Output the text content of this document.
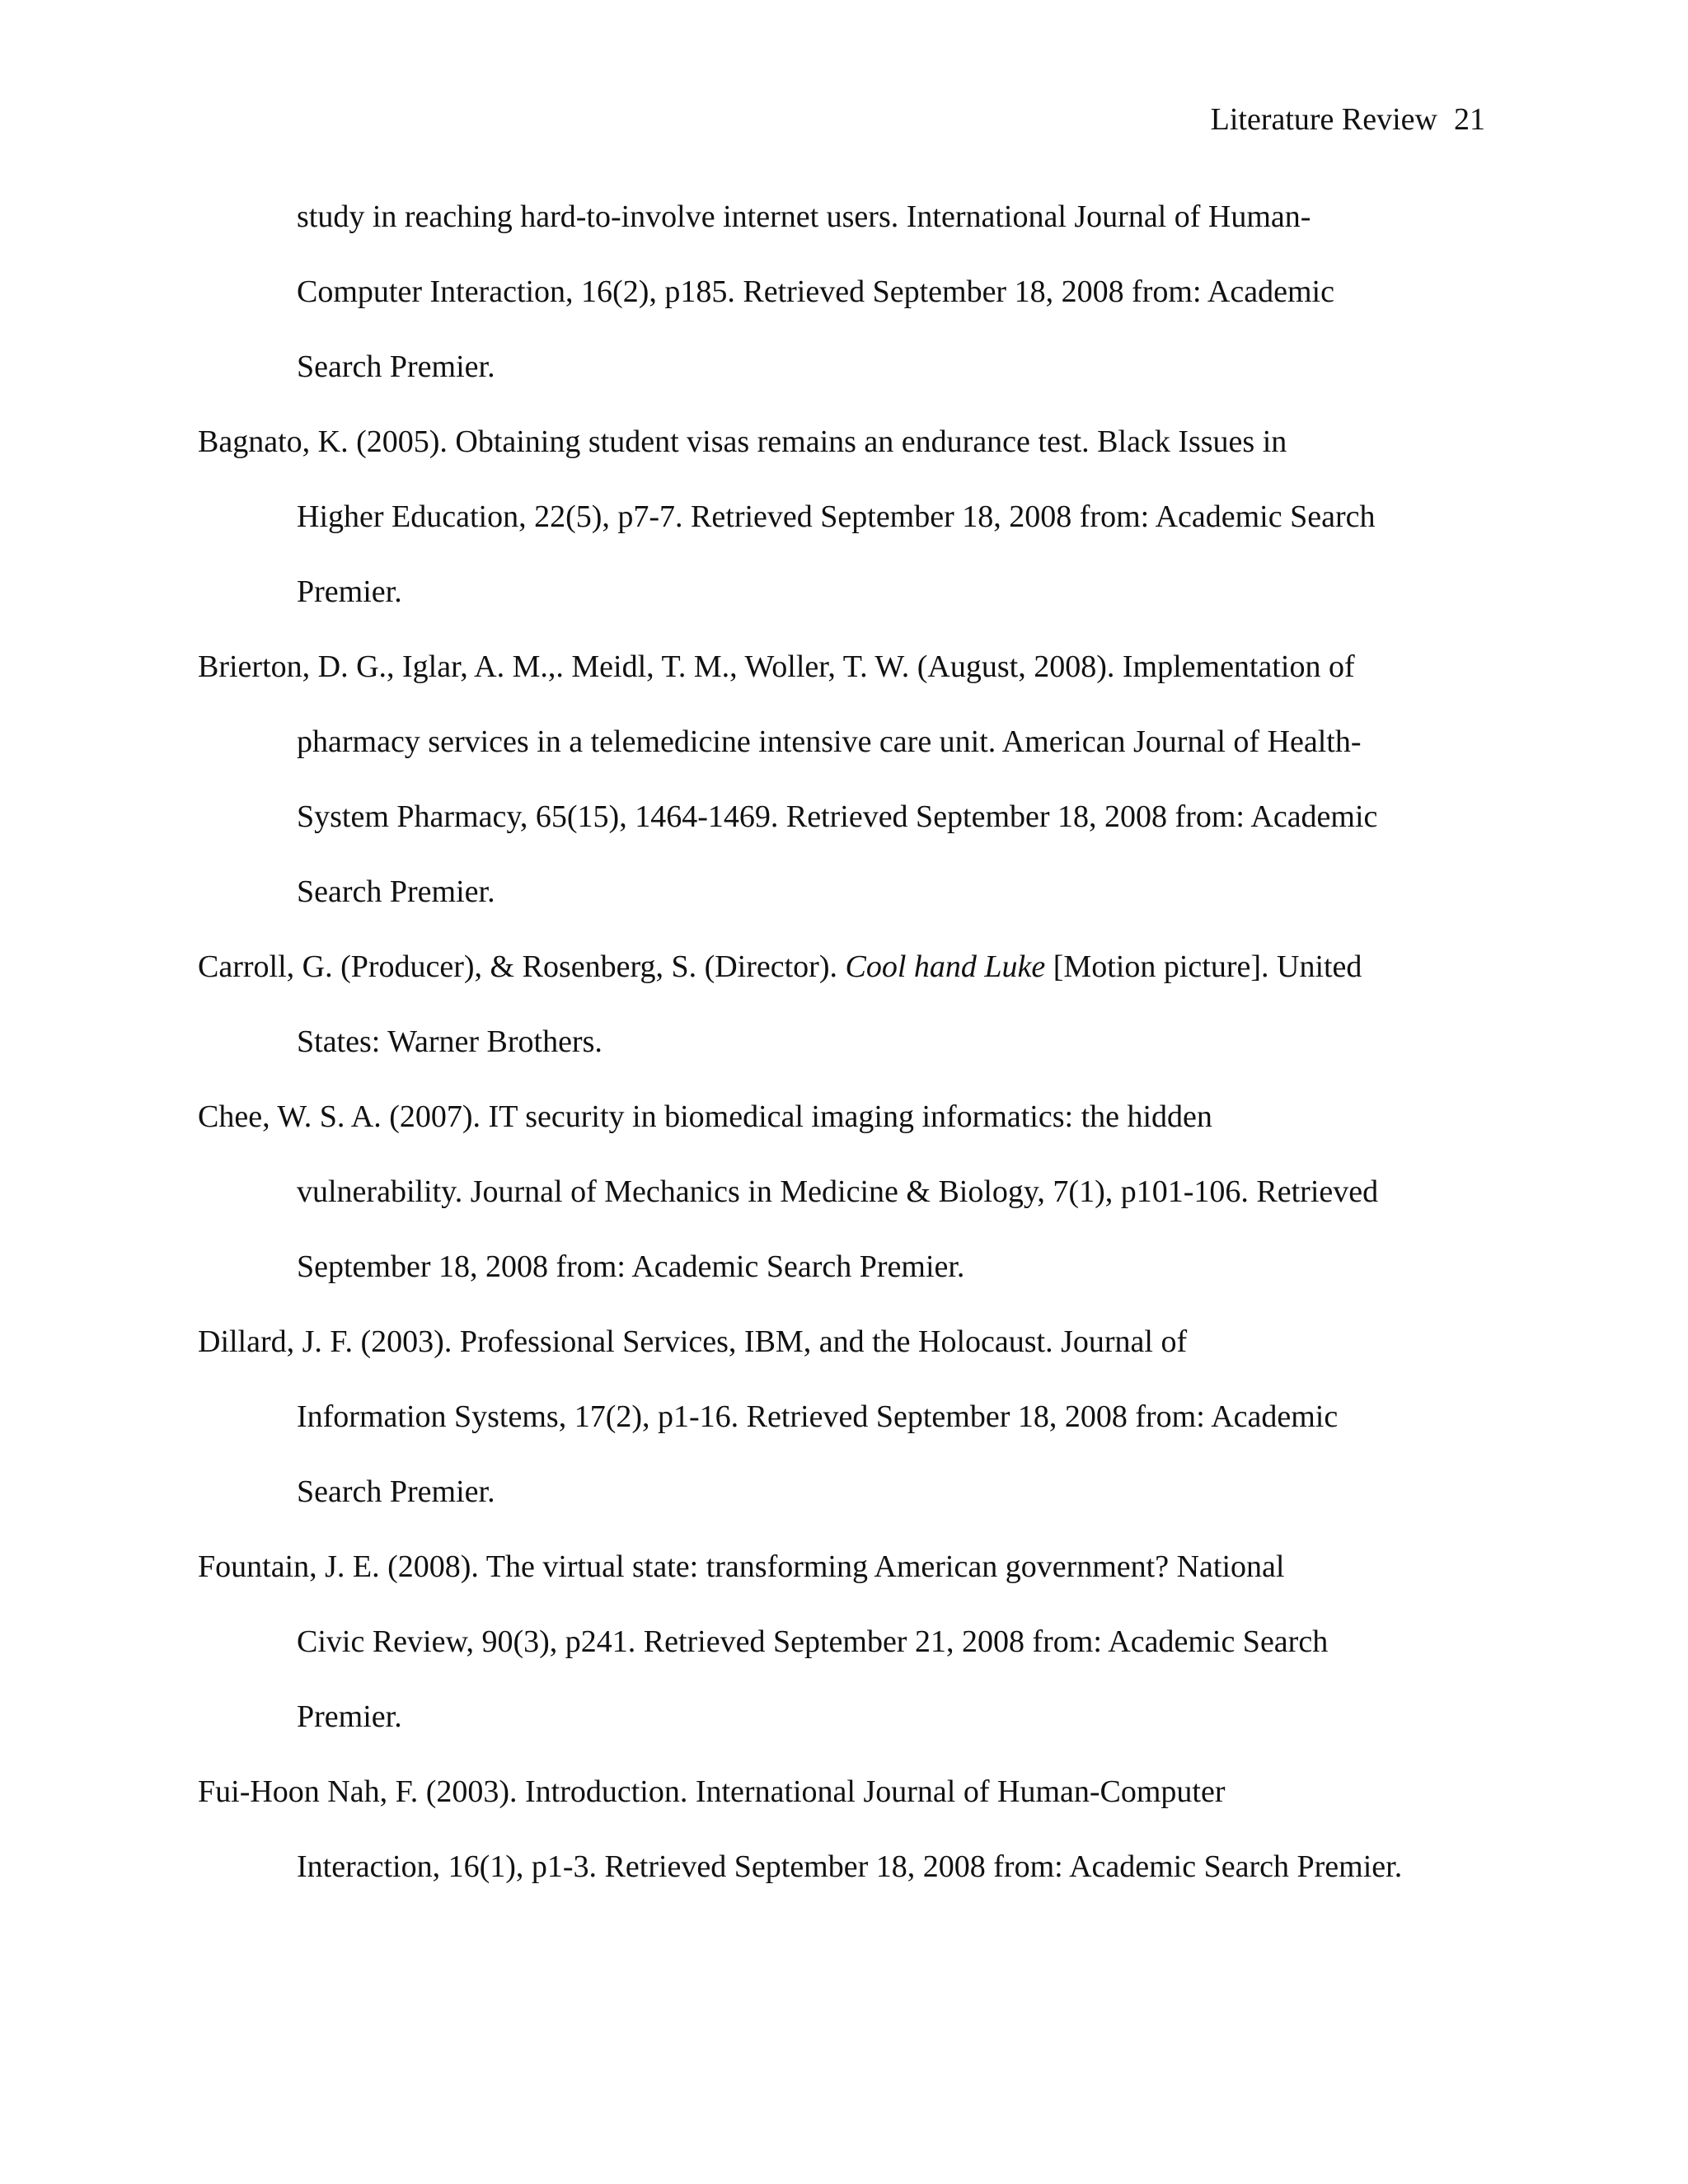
Literature Review 21
study in reaching hard-to-involve internet users. International Journal of Human-
Computer Interaction, 16(2), p185. Retrieved September 18, 2008 from: Academic
Search Premier.
Bagnato, K. (2005). Obtaining student visas remains an endurance test. Black Issues in
Higher Education, 22(5), p7-7. Retrieved September 18, 2008 from: Academic Search
Premier.
Brierton, D. G., Iglar, A. M.,. Meidl, T. M., Woller, T. W. (August, 2008). Implementation of
pharmacy services in a telemedicine intensive care unit. American Journal of Health-
System Pharmacy, 65(15), 1464-1469. Retrieved September 18, 2008 from: Academic
Search Premier.
Carroll, G. (Producer), & Rosenberg, S. (Director). Cool hand Luke [Motion picture]. United
States: Warner Brothers.
Chee, W. S. A. (2007). IT security in biomedical imaging informatics: the hidden
vulnerability. Journal of Mechanics in Medicine & Biology, 7(1), p101-106. Retrieved
September 18, 2008 from: Academic Search Premier.
Dillard, J. F. (2003). Professional Services, IBM, and the Holocaust. Journal of
Information Systems, 17(2), p1-16. Retrieved September 18, 2008 from: Academic
Search Premier.
Fountain, J. E. (2008). The virtual state: transforming American government? National
Civic Review, 90(3), p241. Retrieved September 21, 2008 from: Academic Search
Premier.
Fui-Hoon Nah, F. (2003). Introduction. International Journal of Human-Computer
Interaction, 16(1), p1-3. Retrieved September 18, 2008 from: Academic Search Premier.
